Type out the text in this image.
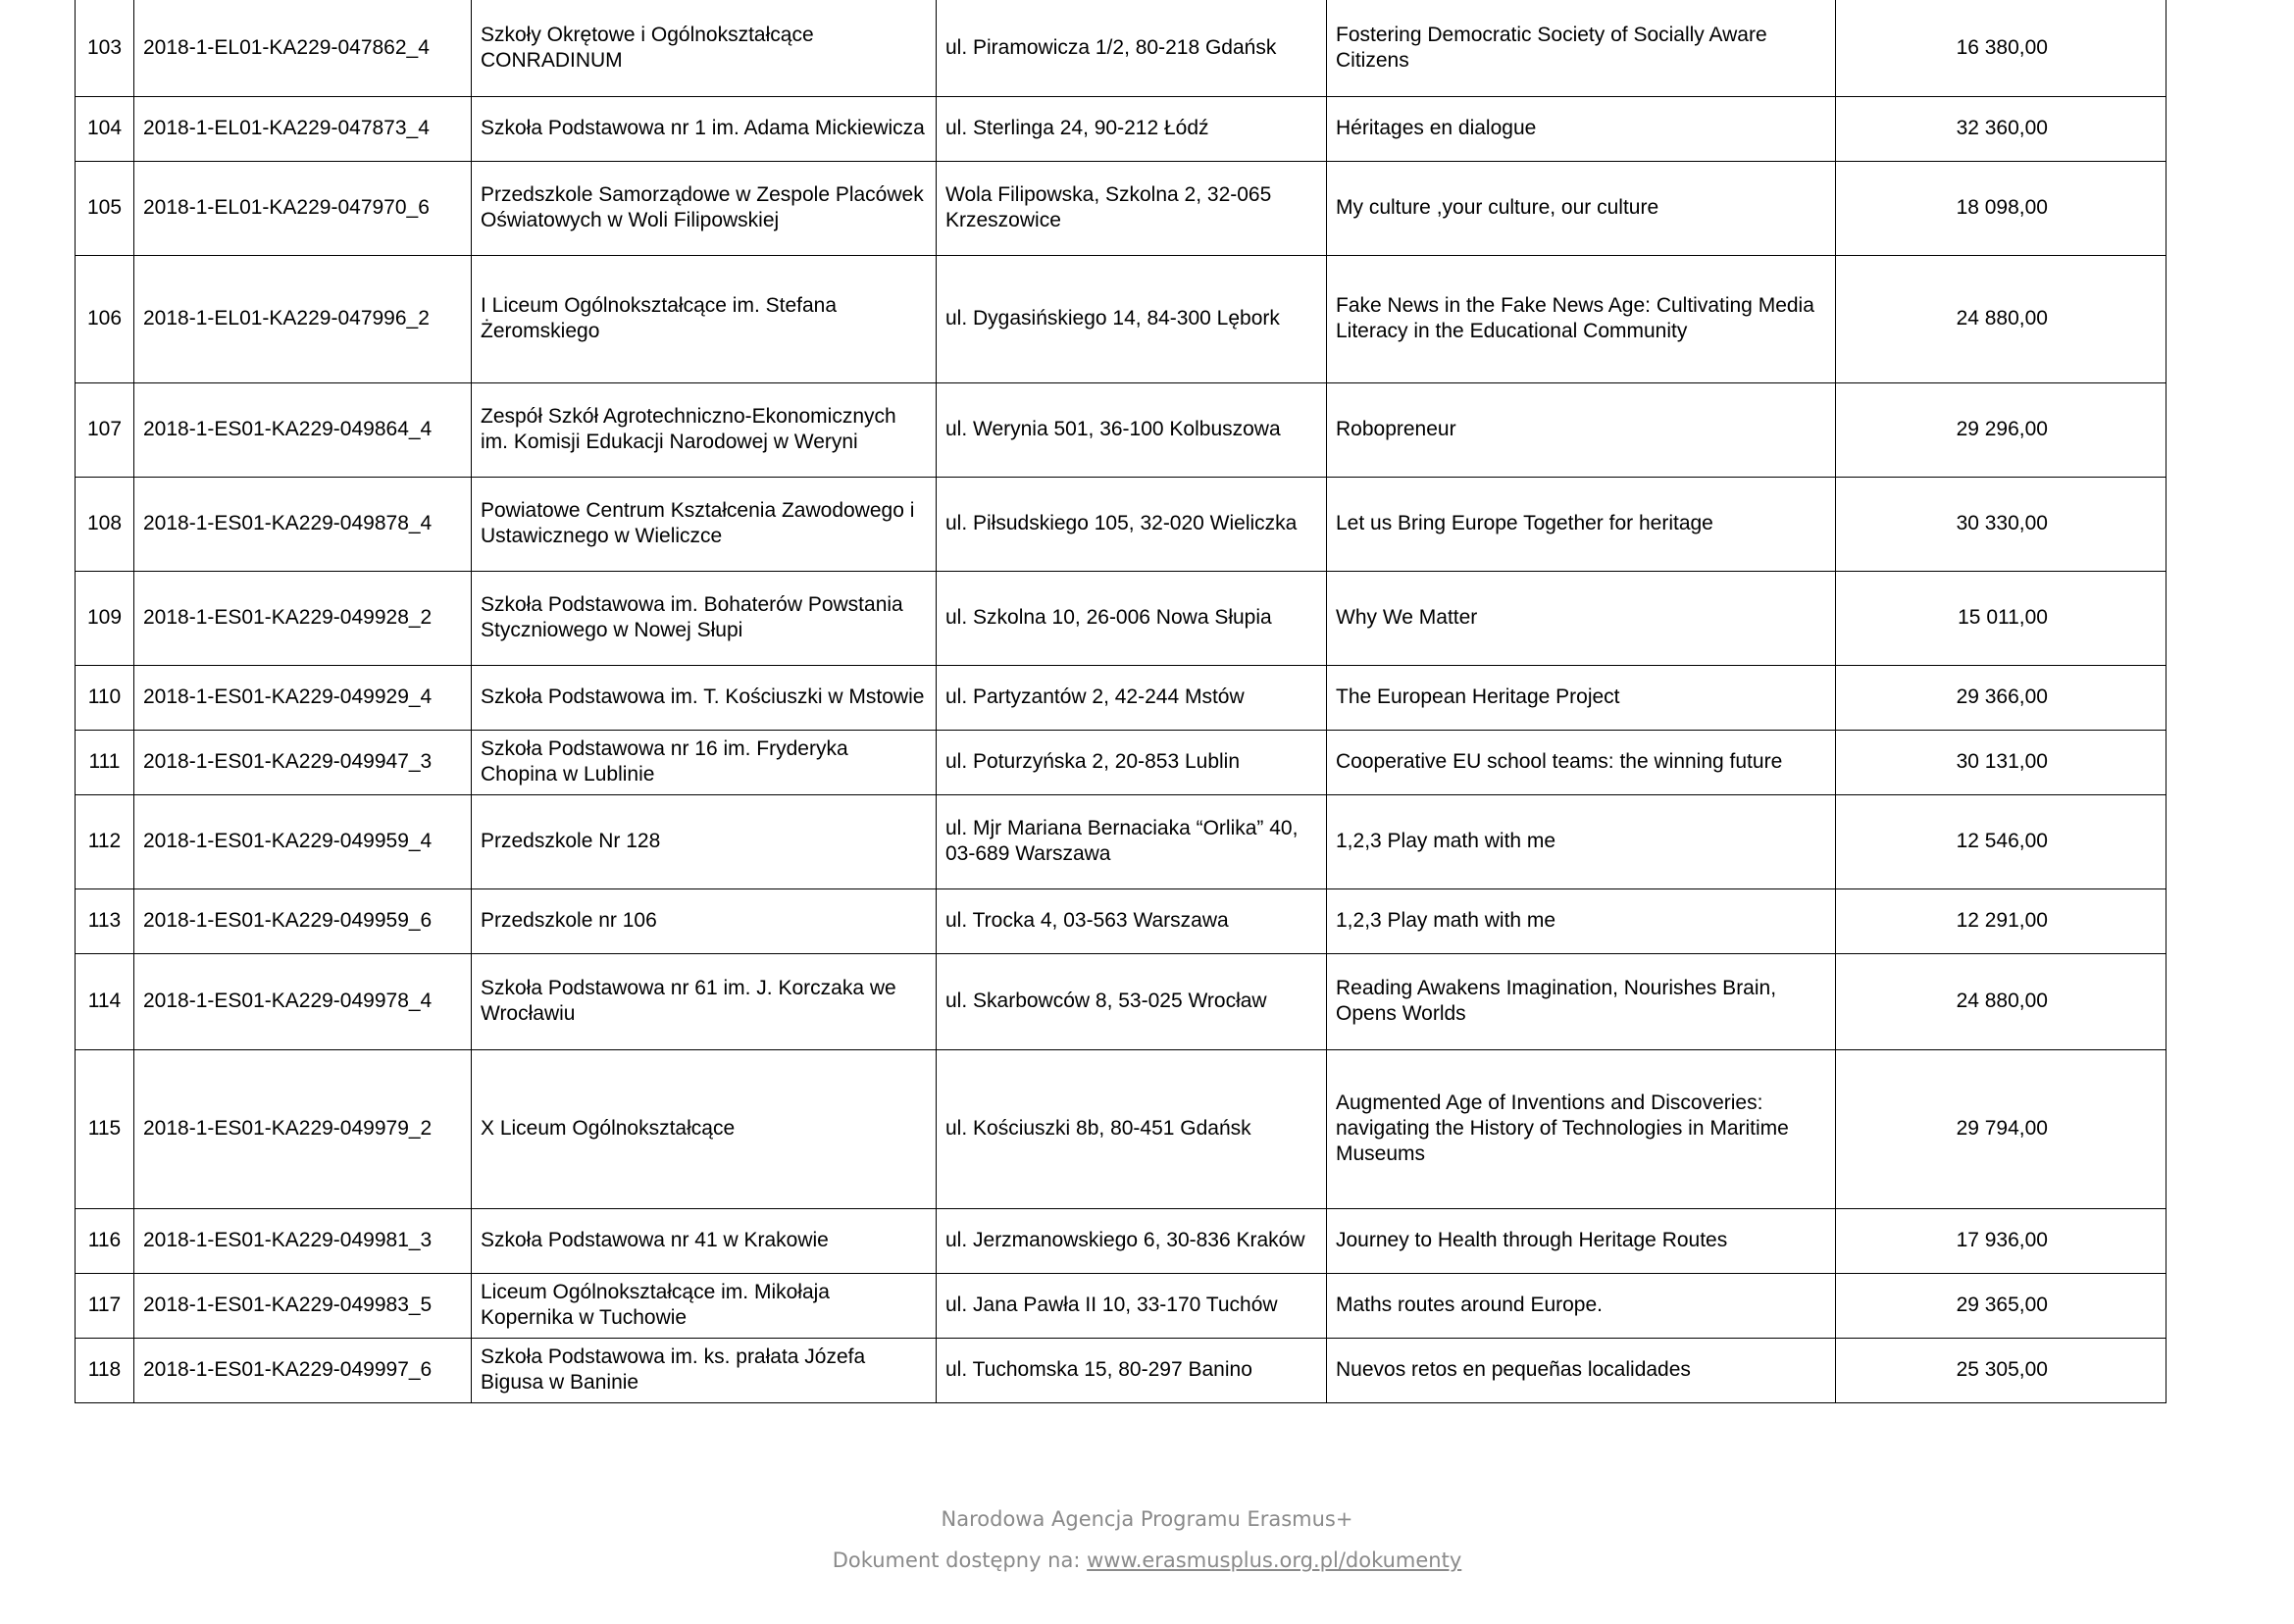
103	2018-1-EL01-KA229-047862_4	Szkoły Okrętowe i Ogólnokształcące CONRADINUM	ul. Piramowicza 1/2, 80-218 Gdańsk	Fostering Democratic Society of Socially Aware Citizens	16 380,00
104	2018-1-EL01-KA229-047873_4	Szkoła Podstawowa nr 1 im. Adama Mickiewicza	ul. Sterlinga 24, 90-212 Łódź	Héritages en dialogue	32 360,00
105	2018-1-EL01-KA229-047970_6	Przedszkole Samorządowe w Zespole Placówek Oświatowych w Woli Filipowskiej	Wola Filipowska, Szkolna 2, 32-065 Krzeszowice	My culture ,your culture, our culture	18 098,00
106	2018-1-EL01-KA229-047996_2	I Liceum Ogólnokształcące im. Stefana Żeromskiego	ul. Dygasińskiego 14, 84-300 Lębork	Fake News in the Fake News Age: Cultivating Media Literacy in the Educational Community	24 880,00
107	2018-1-ES01-KA229-049864_4	Zespół Szkół Agrotechniczno-Ekonomicznych im. Komisji Edukacji Narodowej w Weryni	ul. Werynia 501, 36-100 Kolbuszowa	Robopreneur	29 296,00
108	2018-1-ES01-KA229-049878_4	Powiatowe Centrum Kształcenia Zawodowego i Ustawicznego w Wieliczce	ul. Piłsudskiego 105, 32-020 Wieliczka	Let us Bring Europe Together for heritage	30 330,00
109	2018-1-ES01-KA229-049928_2	Szkoła Podstawowa im. Bohaterów Powstania Styczniowego w Nowej Słupi	ul. Szkolna 10, 26-006 Nowa Słupia	Why We Matter	15 011,00
110	2018-1-ES01-KA229-049929_4	Szkoła Podstawowa im. T. Kościuszki w Mstowie	ul. Partyzantów 2, 42-244 Mstów	The European Heritage Project	29 366,00
111	2018-1-ES01-KA229-049947_3	Szkoła Podstawowa nr 16 im. Fryderyka Chopina w Lublinie	ul. Poturzyńska 2, 20-853 Lublin	Cooperative EU school teams: the winning future	30 131,00
112	2018-1-ES01-KA229-049959_4	Przedszkole Nr 128	ul. Mjr Mariana Bernaciaka “Orlika” 40, 03-689 Warszawa	1,2,3 Play math with me	12 546,00
113	2018-1-ES01-KA229-049959_6	Przedszkole nr 106	ul. Trocka 4, 03-563 Warszawa	1,2,3 Play math with me	12 291,00
114	2018-1-ES01-KA229-049978_4	Szkoła Podstawowa nr 61 im. J. Korczaka we Wrocławiu	ul. Skarbowców 8, 53-025 Wrocław	Reading Awakens Imagination, Nourishes Brain, Opens Worlds	24 880,00
115	2018-1-ES01-KA229-049979_2	X Liceum Ogólnokształcące	ul. Kościuszki 8b, 80-451 Gdańsk	Augmented Age of Inventions and Discoveries: navigating the History of Technologies in Maritime Museums	29 794,00
116	2018-1-ES01-KA229-049981_3	Szkoła Podstawowa nr 41 w Krakowie	ul. Jerzmanowskiego 6, 30-836 Kraków	Journey to Health through Heritage Routes	17 936,00
117	2018-1-ES01-KA229-049983_5	Liceum Ogólnokształcące im. Mikołaja Kopernika w Tuchowie	ul. Jana Pawła II 10, 33-170 Tuchów	Maths routes around Europe.	29 365,00
118	2018-1-ES01-KA229-049997_6	Szkoła Podstawowa im. ks. prałata Józefa Bigusa w Baninie	ul. Tuchomska 15, 80-297 Banino	Nuevos retos en pequeñas localidades	25 305,00
Narodowa Agencja Programu Erasmus+
Dokument dostępny na: www.erasmusplus.org.pl/dokumenty
